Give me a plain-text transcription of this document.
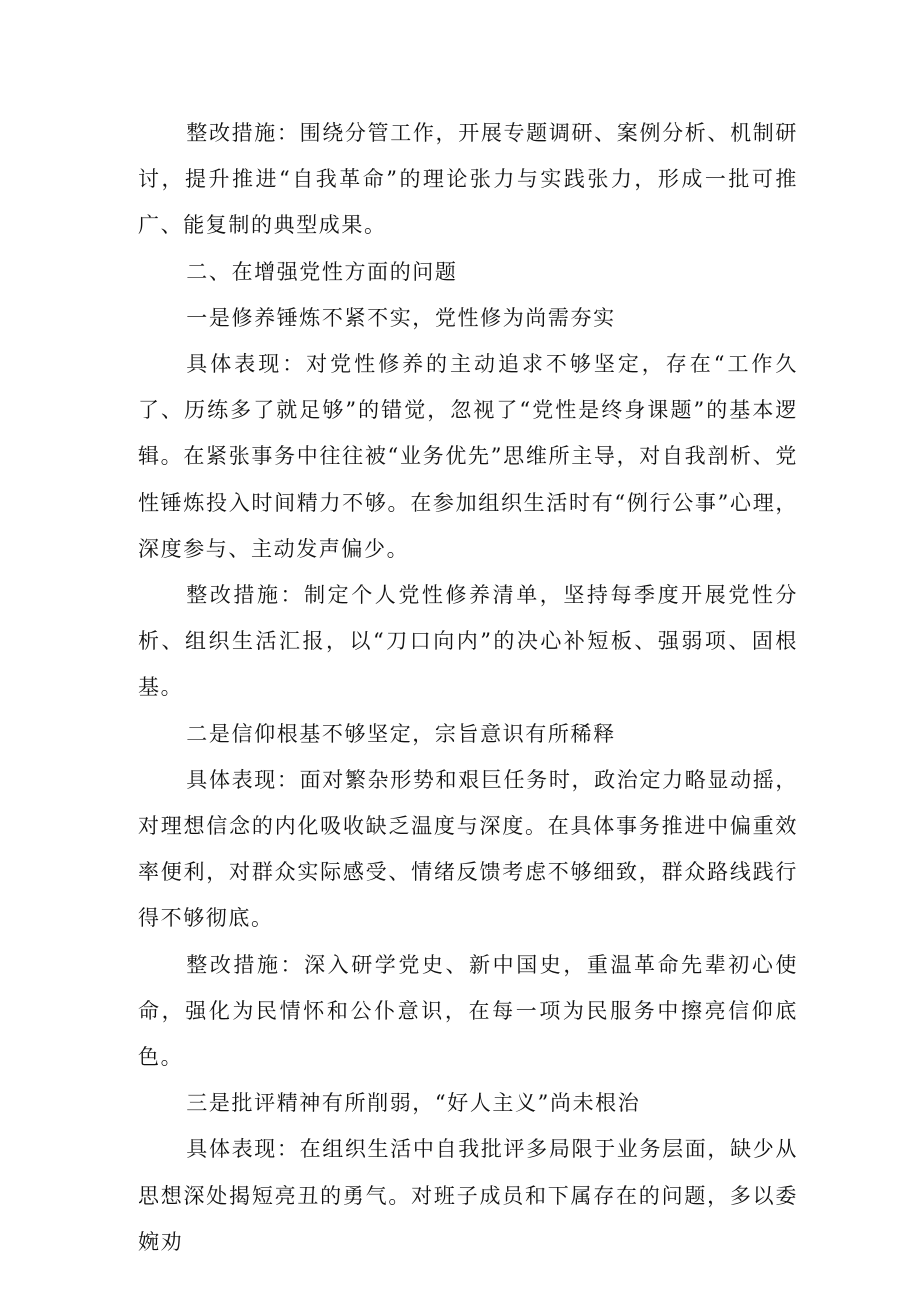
整改措施：围绕分管工作，开展专题调研、案例分析、机制研讨，提升推进“自我革命”的理论张力与实践张力，形成一批可推广、能复制的典型成果。

二、在增强党性方面的问题

一是修养锤炼不紧不实，党性修为尚需夯实

具体表现：对党性修养的主动追求不够坚定，存在“工作久了、历练多了就足够”的错觉，忽视了“党性是终身课题”的基本逻辑。在紧张事务中往往被“业务优先”思维所主导，对自我剖析、党性锤炼投入时间精力不够。在参加组织生活时有“例行公事”心理，深度参与、主动发声偏少。

整改措施：制定个人党性修养清单，坚持每季度开展党性分析、组织生活汇报，以“刀口向内”的决心补短板、强弱项、固根基。

二是信仰根基不够坚定，宗旨意识有所稀释

具体表现：面对繁杂形势和艰巨任务时，政治定力略显动摇，对理想信念的内化吸收缺乏温度与深度。在具体事务推进中偏重效率便利，对群众实际感受、情绪反馈考虑不够细致，群众路线践行得不够彻底。

整改措施：深入研学党史、新中国史，重温革命先辈初心使命，强化为民情怀和公仆意识，在每一项为民服务中擦亮信仰底色。

三是批评精神有所削弱，“好人主义”尚未根治

具体表现：在组织生活中自我批评多局限于业务层面，缺少从思想深处揭短亮丑的勇气。对班子成员和下属存在的问题，多以委婉劝
